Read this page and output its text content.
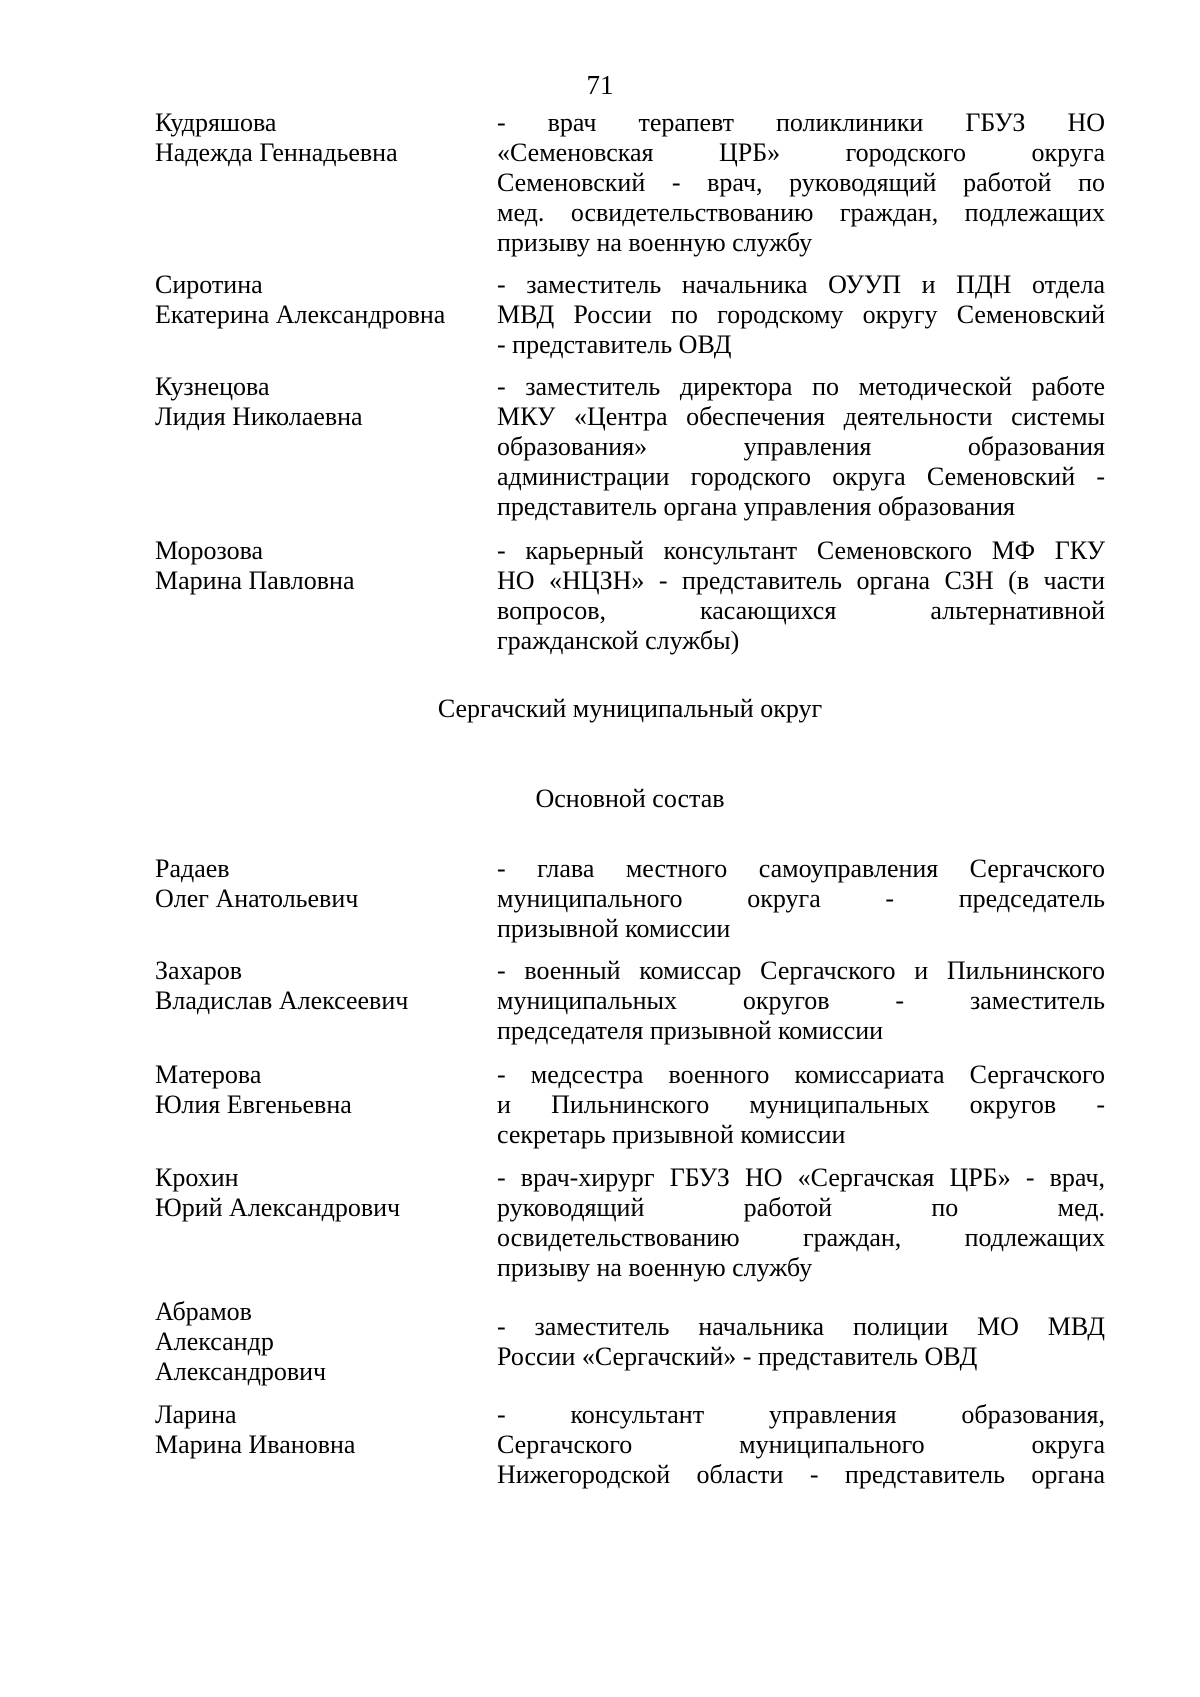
71
Кудряшова
Надежда Геннадьевна
- врач терапевт поликлиники ГБУЗ НО
«Семеновская ЦРБ» городского округа
Семеновский - врач, руководящий работой по
мед. освидетельствованию граждан, подлежащих
призыву на военную службу
Сиротина
Екатерина Александровна
- заместитель начальника ОУУП и ПДН отдела
МВД России по городскому округу Семеновский
- представитель ОВД
Кузнецова
Лидия Николаевна
- заместитель директора по методической работе
МКУ «Центра обеспечения деятельности системы
образования» управления образования
администрации городского округа Семеновский -
представитель органа управления образования
Морозова
Марина Павловна
- карьерный консультант Семеновского МФ ГКУ
НО «НЦЗН» - представитель органа СЗН (в части
вопросов, касающихся альтернативной
гражданской службы)
Сергачский муниципальный округ
Основной состав
Радаев
Олег Анатольевич
- глава местного самоуправления Сергачского
муниципального округа - председатель
призывной комиссии
Захаров
Владислав Алексеевич
- военный комиссар Сергачского и Пильнинского
муниципальных округов - заместитель
председателя призывной комиссии
Матерова
Юлия Евгеньевна
- медсестра военного комиссариата Сергачского
и Пильнинского муниципальных округов -
секретарь призывной комиссии
Крохин
Юрий Александрович
- врач-хирург ГБУЗ НО «Сергачская ЦРБ» - врач,
руководящий работой по мед.
освидетельствованию граждан, подлежащих
призыву на военную службу
Абрамов
Александр
Александрович
- заместитель начальника полиции МО МВД
России «Сергачский» - представитель ОВД
Ларина
Марина Ивановна
- консультант управления образования,
Сергачского муниципального округа
Нижегородской области - представитель органа
